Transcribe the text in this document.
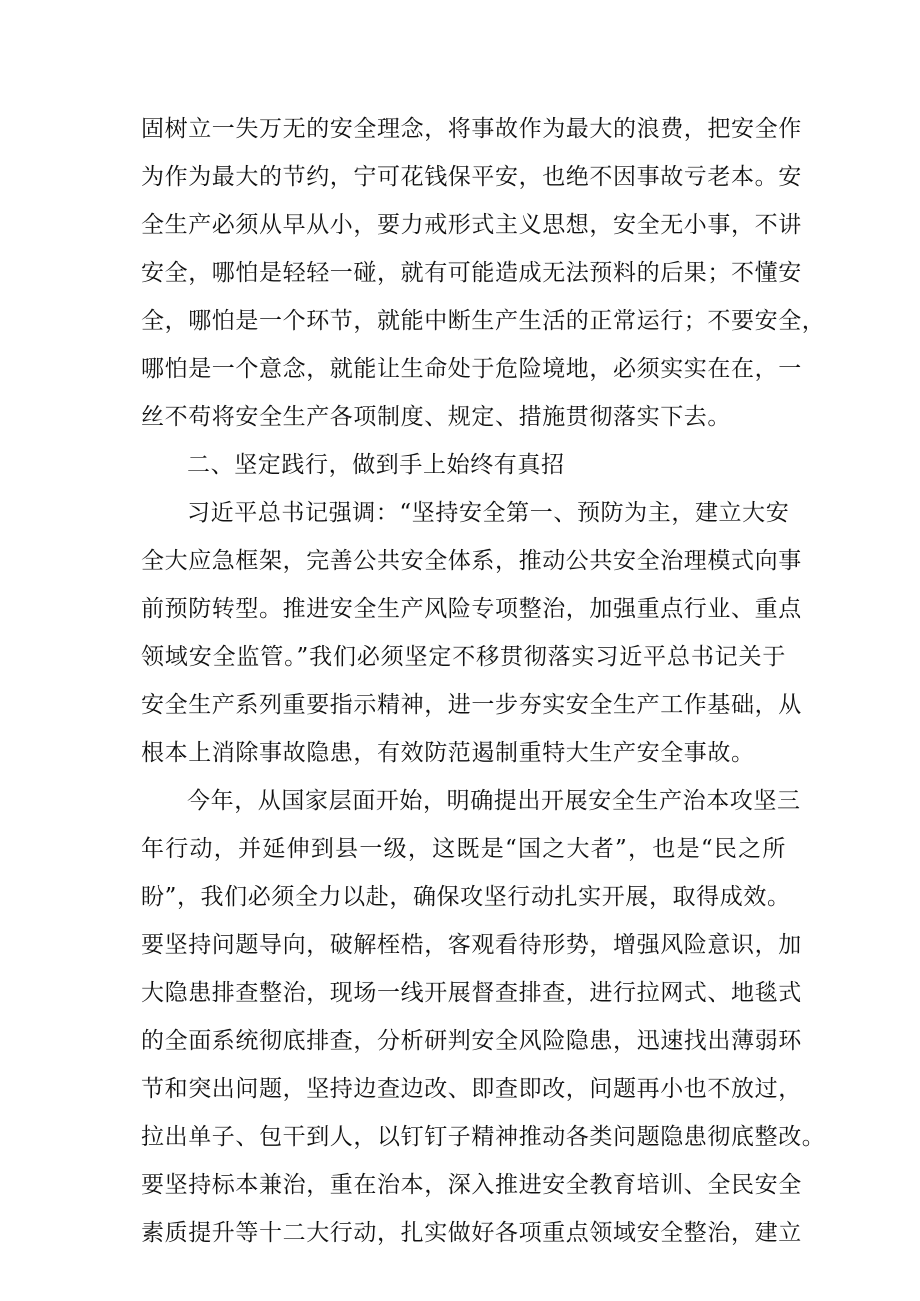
固树立一失万无的安全理念，将事故作为最大的浪费，把安全作
为作为最大的节约，宁可花钱保平安，也绝不因事故亏老本。安
全生产必须从早从小，要力戒形式主义思想，安全无小事，不讲
安全，哪怕是轻轻一碰，就有可能造成无法预料的后果；不懂安
全，哪怕是一个环节，就能中断生产生活的正常运行；不要安全，
哪怕是一个意念，就能让生命处于危险境地，必须实实在在，一
丝不苟将安全生产各项制度、规定、措施贯彻落实下去。
二、坚定践行，做到手上始终有真招
习近平总书记强调：“坚持安全第一、预防为主，建立大安
全大应急框架，完善公共安全体系，推动公共安全治理模式向事
前预防转型。推进安全生产风险专项整治，加强重点行业、重点
领域安全监管。”我们必须坚定不移贯彻落实习近平总书记关于
安全生产系列重要指示精神，进一步夯实安全生产工作基础，从
根本上消除事故隐患，有效防范遏制重特大生产安全事故。
今年，从国家层面开始，明确提出开展安全生产治本攻坚三
年行动，并延伸到县一级，这既是“国之大者”，也是“民之所
盼”，我们必须全力以赴，确保攻坚行动扎实开展，取得成效。
要坚持问题导向，破解桎梏，客观看待形势，增强风险意识，加
大隐患排查整治，现场一线开展督查排查，进行拉网式、地毯式
的全面系统彻底排查，分析研判安全风险隐患，迅速找出薄弱环
节和突出问题，坚持边查边改、即查即改，问题再小也不放过，
拉出单子、包干到人，以钉钉子精神推动各类问题隐患彻底整改。
要坚持标本兼治，重在治本，深入推进安全教育培训、全民安全
素质提升等十二大行动，扎实做好各项重点领域安全整治，建立
